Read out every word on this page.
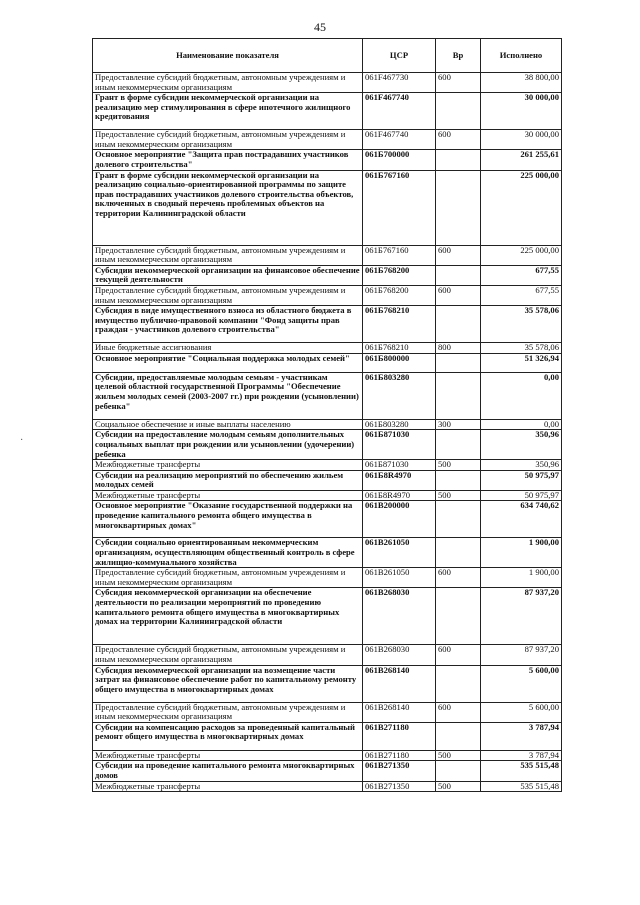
45
·
Наименование показателя	ЦСР	Вр	Исполнено
Предоставление субсидий бюджетным, автономным учреждениям и иным некоммерческим организациям	061F467730	600	38 800,00
Грант в форме субсидии некоммерческой организации на реализацию мер стимулирования в сфере ипотечного жилищного кредитования	061F467740		30 000,00
Предоставление субсидий бюджетным, автономным учреждениям и иным некоммерческим организациям	061F467740	600	30 000,00
Основное мероприятие "Защита прав пострадавших участников долевого строительства"	061Б700000		261 255,61
Грант в форме субсидии некоммерческой организации на реализацию социально-ориентированной программы по защите прав пострадавших участников долевого строительства объектов, включенных в сводный перечень проблемных объектов на территории Калининградской области	061Б767160		225 000,00
Предоставление субсидий бюджетным, автономным учреждениям и иным некоммерческим организациям	061Б767160	600	225 000,00
Субсидии некоммерческой организации на финансовое обеспечение текущей деятельности	061Б768200		677,55
Предоставление субсидий бюджетным, автономным учреждениям и иным некоммерческим организациям	061Б768200	600	677,55
Субсидия в виде имущественного взноса из областного бюджета в имущество публично-правовой компании "Фонд защиты прав граждан - участников долевого строительства"	061Б768210		35 578,06
Иные бюджетные ассигнования	061Б768210	800	35 578,06
Основное мероприятие "Социальная поддержка молодых семей"	061Б800000		51 326,94
Субсидии, предоставляемые молодым семьям - участникам целевой областной государственной Программы "Обеспечение жильем молодых семей (2003-2007 гг.) при рождении (усыновлении) ребенка"	061Б803280		0,00
Социальное обеспечение и иные выплаты населению	061Б803280	300	0,00
Субсидии на предоставление молодым семьям дополнительных социальных выплат при рождении или усыновлении (удочерении) ребенка	061Б871030		350,96
Межбюджетные трансферты	061Б871030	500	350,96
Субсидии на реализацию мероприятий по обеспечению жильем молодых семей	061Б8R4970		50 975,97
Межбюджетные трансферты	061Б8R4970	500	50 975,97
Основное мероприятие "Оказание государственной поддержки на проведение капитального ремонта общего имущества в многоквартирных домах"	061В200000		634 740,62
Субсидии социально ориентированным некоммерческим организациям, осуществляющим общественный контроль в сфере жилищно-коммунального хозяйства	061В261050		1 900,00
Предоставление субсидий бюджетным, автономным учреждениям и иным некоммерческим организациям	061В261050	600	1 900,00
Субсидия некоммерческой организации на обеспечение деятельности по реализации мероприятий по проведению капитального ремонта общего имущества в многоквартирных домах на территории Калининградской области	061В268030		87 937,20
Предоставление субсидий бюджетным, автономным учреждениям и иным некоммерческим организациям	061В268030	600	87 937,20
Субсидия некоммерческой организации на возмещение части затрат на финансовое обеспечение работ по капитальному ремонту общего имущества в многоквартирных домах	061В268140		5 600,00
Предоставление субсидий бюджетным, автономным учреждениям и иным некоммерческим организациям	061В268140	600	5 600,00
Субсидии на компенсацию расходов за проведенный капитальный ремонт общего имущества в многоквартирных домах	061В271180		3 787,94
Межбюджетные трансферты	061В271180	500	3 787,94
Субсидии на проведение капитального ремонта многоквартирных домов	061В271350		535 515,48
Межбюджетные трансферты	061В271350	500	535 515,48
